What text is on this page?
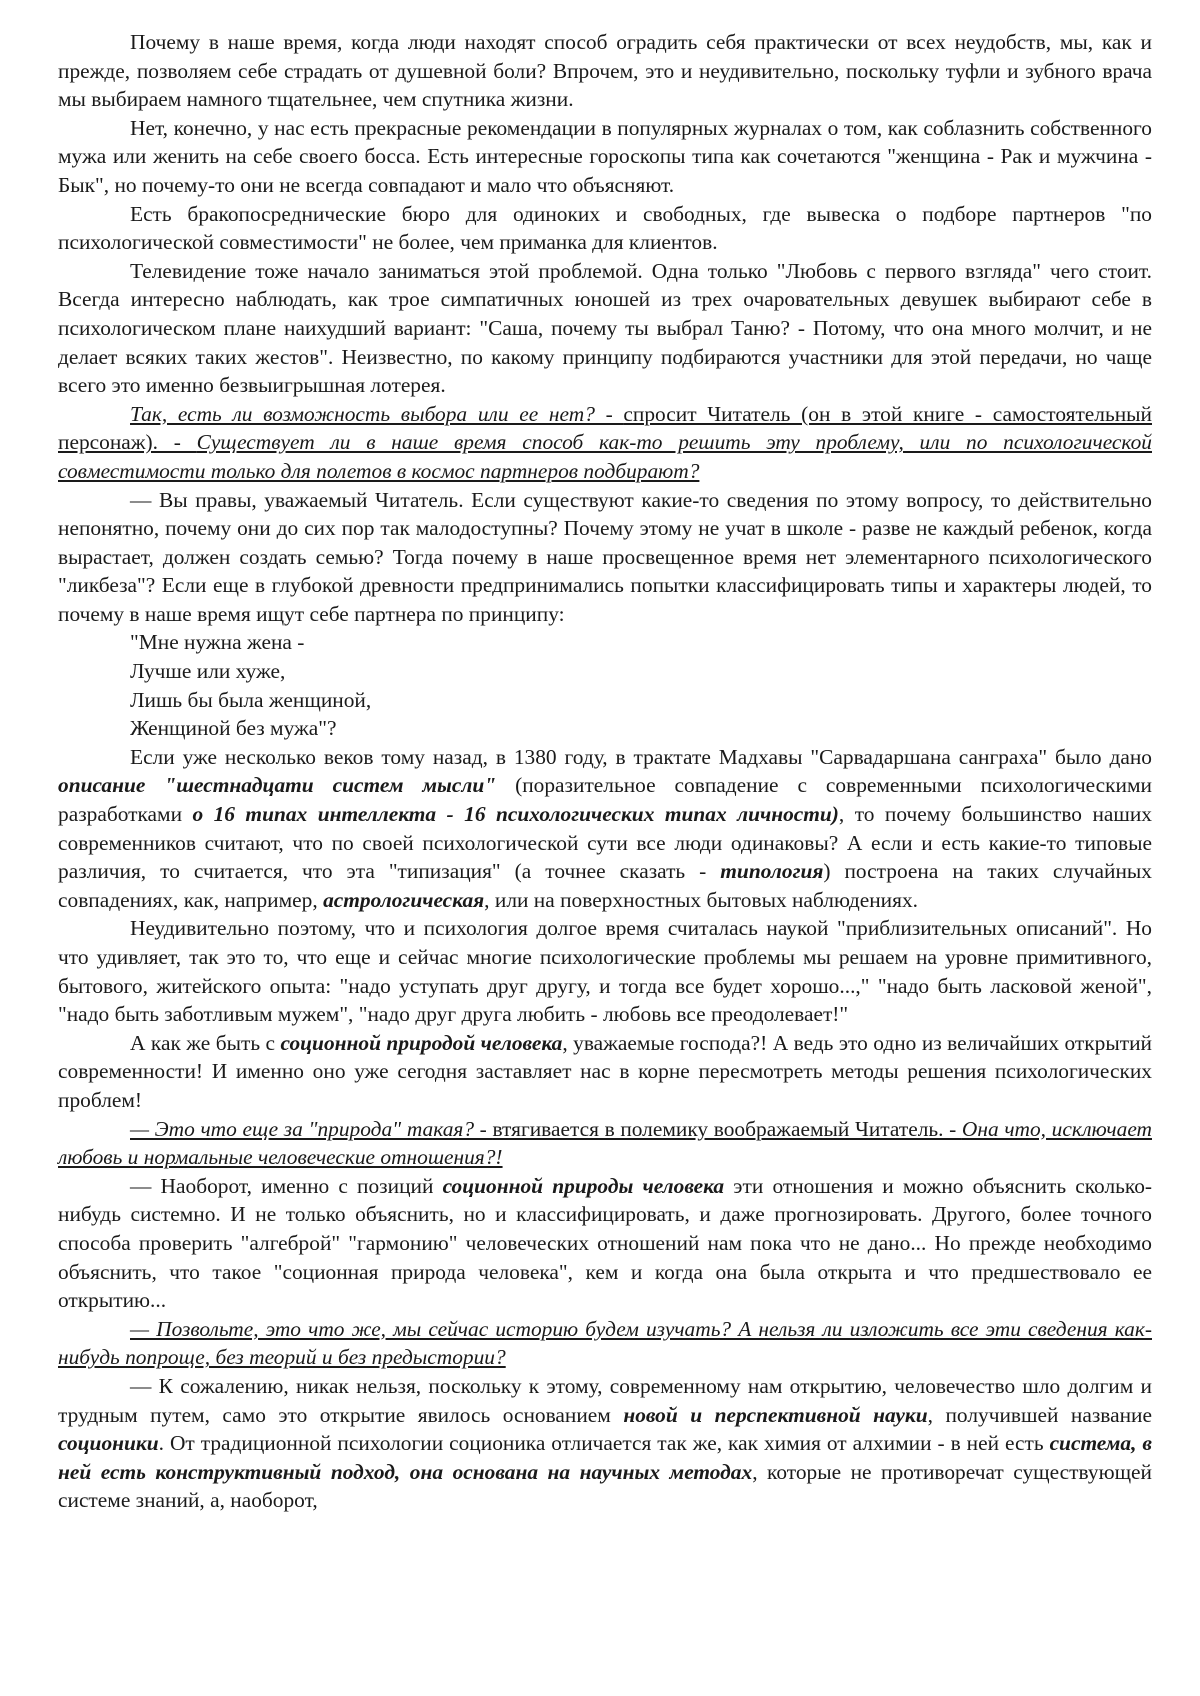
Почему в наше время, когда люди находят способ оградить себя практически от всех неудобств, мы, как и прежде, позволяем себе страдать от душевной боли? Впрочем, это и неудивительно, поскольку туфли и зубного врача мы выбираем намного тщательнее, чем спутника жизни.

Нет, конечно, у нас есть прекрасные рекомендации в популярных журналах о том, как соблазнить собственного мужа или женить на себе своего босса. Есть интересные гороскопы типа как сочетаются "женщина - Рак и мужчина - Бык", но почему-то они не всегда совпадают и мало что объясняют.

Есть бракопосреднические бюро для одиноких и свободных, где вывеска о подборе партнеров "по психологической совместимости" не более, чем приманка для клиентов.

Телевидение тоже начало заниматься этой проблемой. Одна только "Любовь с первого взгляда" чего стоит. Всегда интересно наблюдать, как трое симпатичных юношей из трех очаровательных девушек выбирают себе в психологическом плане наихудший вариант: "Саша, почему ты выбрал Таню? - Потому, что она много молчит, и не делает всяких таких жестов". Неизвестно, по какому принципу подбираются участники для этой передачи, но чаще всего это именно безвыигрышная лотерея.

Так, есть ли возможность выбора или ее нет? - спросит Читатель (он в этой книге - самостоятельный персонаж). - Существует ли в наше время способ как-то решить эту проблему, или по психологической совместимости только для полетов в космос партнеров подбирают?

— Вы правы, уважаемый Читатель. Если существуют какие-то сведения по этому вопросу, то действительно непонятно, почему они до сих пор так малодоступны? Почему этому не учат в школе - разве не каждый ребенок, когда вырастает, должен создать семью? Тогда почему в наше просвещенное время нет элементарного психологического "ликбеза"? Если еще в глубокой древности предпринимались попытки классифицировать типы и характеры людей, то почему в наше время ищут себе партнера по принципу:

"Мне нужна жена -

Лучше или хуже,

Лишь бы была женщиной,

Женщиной без мужа"?

Если уже несколько веков тому назад, в 1380 году, в трактате Мадхавы "Сарвадаршана санграха" было дано описание "шестнадцати систем мысли" (поразительное совпадение с современными психологическими разработками о 16 типах интеллекта - 16 психологических типах личности), то почему большинство наших современников считают, что по своей психологической сути все люди одинаковы? А если и есть какие-то типовые различия, то считается, что эта "типизация" (а точнее сказать - типология) построена на таких случайных совпадениях, как, например, астрологическая, или на поверхностных бытовых наблюдениях.

Неудивительно поэтому, что и психология долгое время считалась наукой "приблизительных описаний". Но что удивляет, так это то, что еще и сейчас многие психологические проблемы мы решаем на уровне примитивного, бытового, житейского опыта: "надо уступать друг другу, и тогда все будет хорошо...," "надо быть ласковой женой", "надо быть заботливым мужем", "надо друг друга любить - любовь все преодолевает!"

А как же быть с соционной природой человека, уважаемые господа?! А ведь это одно из величайших открытий современности! И именно оно уже сегодня заставляет нас в корне пересмотреть методы решения психологических проблем!

— Это что еще за "природа" такая? - втягивается в полемику воображаемый Читатель. - Она что, исключает любовь и нормальные человеческие отношения?!

— Наоборот, именно с позиций соционной природы человека эти отношения и можно объяснить сколько-нибудь системно. И не только объяснить, но и классифицировать, и даже прогнозировать. Другого, более точного способа проверить "алгеброй" "гармонию" человеческих отношений нам пока что не дано... Но прежде необходимо объяснить, что такое "соционная природа человека", кем и когда она была открыта и что предшествовало ее открытию...

— Позвольте, это что же, мы сейчас историю будем изучать? А нельзя ли изложить все эти сведения как-нибудь попроще, без теорий и без предыстории?

— К сожалению, никак нельзя, поскольку к этому, современному нам открытию, человечество шло долгим и трудным путем, само это открытие явилось основанием новой и перспективной науки, получившей название соционики. От традиционной психологии соционика отличается так же, как химия от алхимии - в ней есть система, в ней есть конструктивный подход, она основана на научных методах, которые не противоречат существующей системе знаний, а, наоборот,
